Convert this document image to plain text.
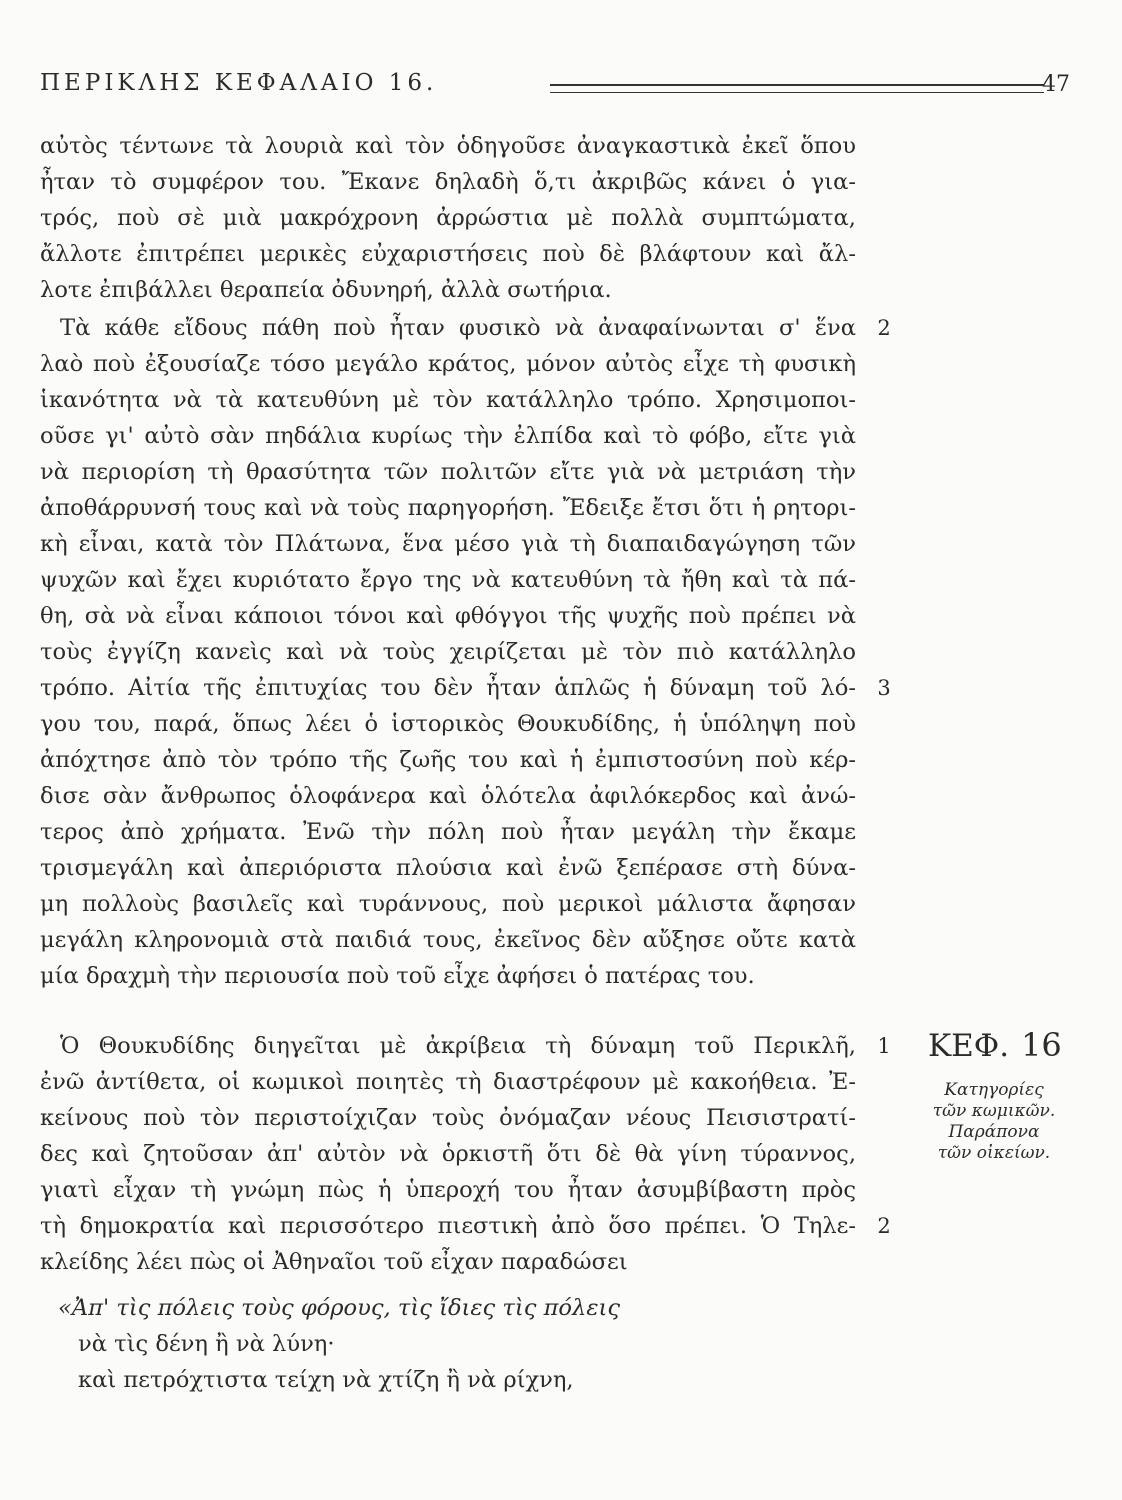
ΠΕΡΙΚΛΗΣ ΚΕΦΑΛΑΙΟ 16.	47
αὐτὸς τέντωνε τὰ λουριὰ καὶ τὸν ὁδηγοῦσε ἀναγκαστικὰ ἐκεῖ ὅπου
ἦταν τὸ συμφέρον του. Ἔκανε δηλαδὴ ὅ,τι ἀκριβῶς κάνει ὁ για-
τρός, ποὺ σὲ μιὰ μακρόχρονη ἀρρώστια μὲ πολλὰ συμπτώματα,
ἄλλοτε ἐπιτρέπει μερικὲς εὐχαριστήσεις ποὺ δὲ βλάφτουν καὶ ἄλ-
λοτε ἐπιβάλλει θεραπεία ὀδυνηρή, ἀλλὰ σωτήρια.
Τὰ κάθε εἴδους πάθη ποὺ ἦταν φυσικὸ νὰ ἀναφαίνωνται σ' ἕνα
λαὸ ποὺ ἐξουσίαζε τόσο μεγάλο κράτος, μόνον αὐτὸς εἶχε τὴ φυσικὴ
ἱκανότητα νὰ τὰ κατευθύνη μὲ τὸν κατάλληλο τρόπο. Χρησιμοποι-
οῦσε γι' αὐτὸ σὰν πηδάλια κυρίως τὴν ἐλπίδα καὶ τὸ φόβο, εἴτε γιὰ
νὰ περιορίση τὴ θρασύτητα τῶν πολιτῶν εἴτε γιὰ νὰ μετριάση τὴν
ἀποθάρρυνσή τους καὶ νὰ τοὺς παρηγορήση. Ἔδειξε ἔτσι ὅτι ἡ ρητορι-
κὴ εἶναι, κατὰ τὸν Πλάτωνα, ἕνα μέσο γιὰ τὴ διαπαιδαγώγηση τῶν
ψυχῶν καὶ ἔχει κυριότατο ἔργο της νὰ κατευθύνη τὰ ἤθη καὶ τὰ πά-
θη, σὰ νὰ εἶναι κάποιοι τόνοι καὶ φθόγγοι τῆς ψυχῆς ποὺ πρέπει νὰ
τοὺς ἐγγίζη κανεὶς καὶ νὰ τοὺς χειρίζεται μὲ τὸν πιὸ κατάλληλο
τρόπο. Αἰτία τῆς ἐπιτυχίας του δὲν ἦταν ἁπλῶς ἡ δύναμη τοῦ λό-
γου του, παρά, ὅπως λέει ὁ ἱστορικὸς Θουκυδίδης, ἡ ὑπόληψη ποὺ
ἀπόχτησε ἀπὸ τὸν τρόπο τῆς ζωῆς του καὶ ἡ ἐμπιστοσύνη ποὺ κέρ-
δισε σὰν ἄνθρωπος ὁλοφάνερα καὶ ὁλότελα ἀφιλόκερδος καὶ ἀνώ-
τερος ἀπὸ χρήματα. Ἐνῶ τὴν πόλη ποὺ ἦταν μεγάλη τὴν ἔκαμε
τρισμεγάλη καὶ ἀπεριόριστα πλούσια καὶ ἐνῶ ξεπέρασε στὴ δύνα-
μη πολλοὺς βασιλεῖς καὶ τυράννους, ποὺ μερικοὶ μάλιστα ἄφησαν
μεγάλη κληρονομιὰ στὰ παιδιά τους, ἐκεῖνος δὲν αὔξησε οὔτε κατὰ
μία δραχμὴ τὴν περιουσία ποὺ τοῦ εἶχε ἀφήσει ὁ πατέρας του.
Ὁ Θουκυδίδης διηγεῖται μὲ ἀκρίβεια τὴ δύναμη τοῦ Περικλῆ,
ἐνῶ ἀντίθετα, οἱ κωμικοὶ ποιητὲς τὴ διαστρέφουν μὲ κακοήθεια. Ἐ-
κείνους ποὺ τὸν περιστοίχιζαν τοὺς ὀνόμαζαν νέους Πεισιστρατί-
δες καὶ ζητοῦσαν ἀπ' αὐτὸν νὰ ὁρκιστῆ ὅτι δὲ θὰ γίνη τύραννος,
γιατὶ εἶχαν τὴ γνώμη πὼς ἡ ὑπεροχή του ἦταν ἀσυμβίβαστη πρὸς
τὴ δημοκρατία καὶ περισσότερο πιεστικὴ ἀπὸ ὅσο πρέπει. Ὁ Τηλε-
κλείδης λέει πὼς οἱ Ἀθηναῖοι τοῦ εἶχαν παραδώσει
«Ἀπ' τὶς πόλεις τοὺς φόρους, τὶς ἴδιες τὶς πόλεις
νὰ τὶς δένη ἢ νὰ λύνη·
καὶ πετρόχτιστα τείχη νὰ χτίζη ἢ νὰ ρίχνη,
2
3
1
2
ΚΕΦ. 16
Κατηγορίες
τῶν κωμικῶν.
Παράπονα
τῶν οἰκείων.
